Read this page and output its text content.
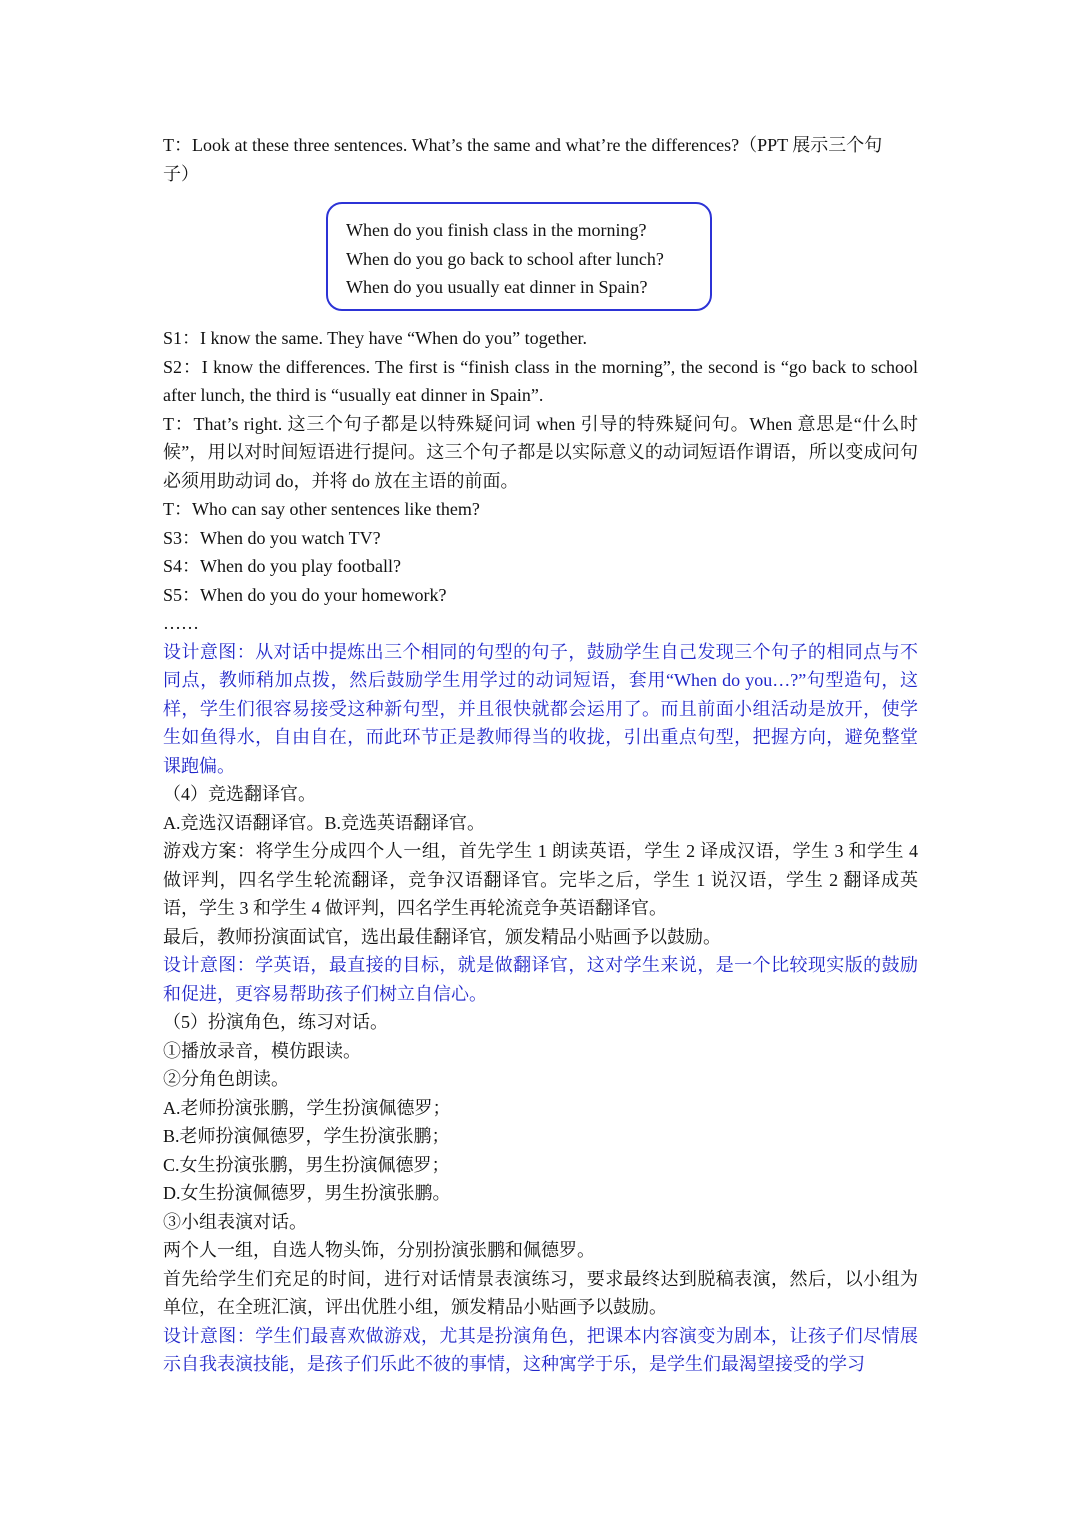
T：Look at these three sentences. What’s the same and what’re the differences?（PPT 展示三个句

子）

When do you finish class in the morning?
When do you go back to school after lunch?
When do you usually eat dinner in Spain?

S1：I know the same. They have “When do you” together.

S2：I know the differences. The first is “finish class in the morning”, the second is “go back to school after lunch, the third is “usually eat dinner in Spain”.

T：That’s right. 这三个句子都是以特殊疑问词 when 引导的特殊疑问句。When 意思是“什么时候”，用以对时间短语进行提问。这三个句子都是以实际意义的动词短语作谓语，所以变成问句必须用助动词 do，并将 do 放在主语的前面。

T：Who can say other sentences like them?

S3：When do you watch TV?

S4：When do you play football?

S5：When do you do your homework?

……

设计意图：从对话中提炼出三个相同的句型的句子，鼓励学生自己发现三个句子的相同点与不同点，教师稍加点拨，然后鼓励学生用学过的动词短语，套用“When do you…?”句型造句，这样，学生们很容易接受这种新句型，并且很快就都会运用了。而且前面小组活动是放开，使学生如鱼得水，自由自在，而此环节正是教师得当的收拢，引出重点句型，把握方向，避免整堂课跑偏。

（4）竞选翻译官。

A.竞选汉语翻译官。B.竞选英语翻译官。

游戏方案：将学生分成四个人一组，首先学生 1 朗读英语，学生 2 译成汉语，学生 3 和学生 4 做评判，四名学生轮流翻译，竞争汉语翻译官。完毕之后，学生 1 说汉语，学生 2 翻译成英语，学生 3 和学生 4 做评判，四名学生再轮流竞争英语翻译官。

最后，教师扮演面试官，选出最佳翻译官，颁发精品小贴画予以鼓励。

设计意图：学英语，最直接的目标，就是做翻译官，这对学生来说，是一个比较现实版的鼓励和促进，更容易帮助孩子们树立自信心。

（5）扮演角色，练习对话。

①播放录音，模仿跟读。

②分角色朗读。

A.老师扮演张鹏，学生扮演佩德罗；

B.老师扮演佩德罗，学生扮演张鹏；

C.女生扮演张鹏，男生扮演佩德罗；

D.女生扮演佩德罗，男生扮演张鹏。

③小组表演对话。

两个人一组，自选人物头饰，分别扮演张鹏和佩德罗。

首先给学生们充足的时间，进行对话情景表演练习，要求最终达到脱稿表演，然后，以小组为单位，在全班汇演，评出优胜小组，颁发精品小贴画予以鼓励。

设计意图：学生们最喜欢做游戏，尤其是扮演角色，把课本内容演变为剧本，让孩子们尽情展示自我表演技能，是孩子们乐此不彼的事情，这种寓学于乐，是学生们最渴望接受的学习
